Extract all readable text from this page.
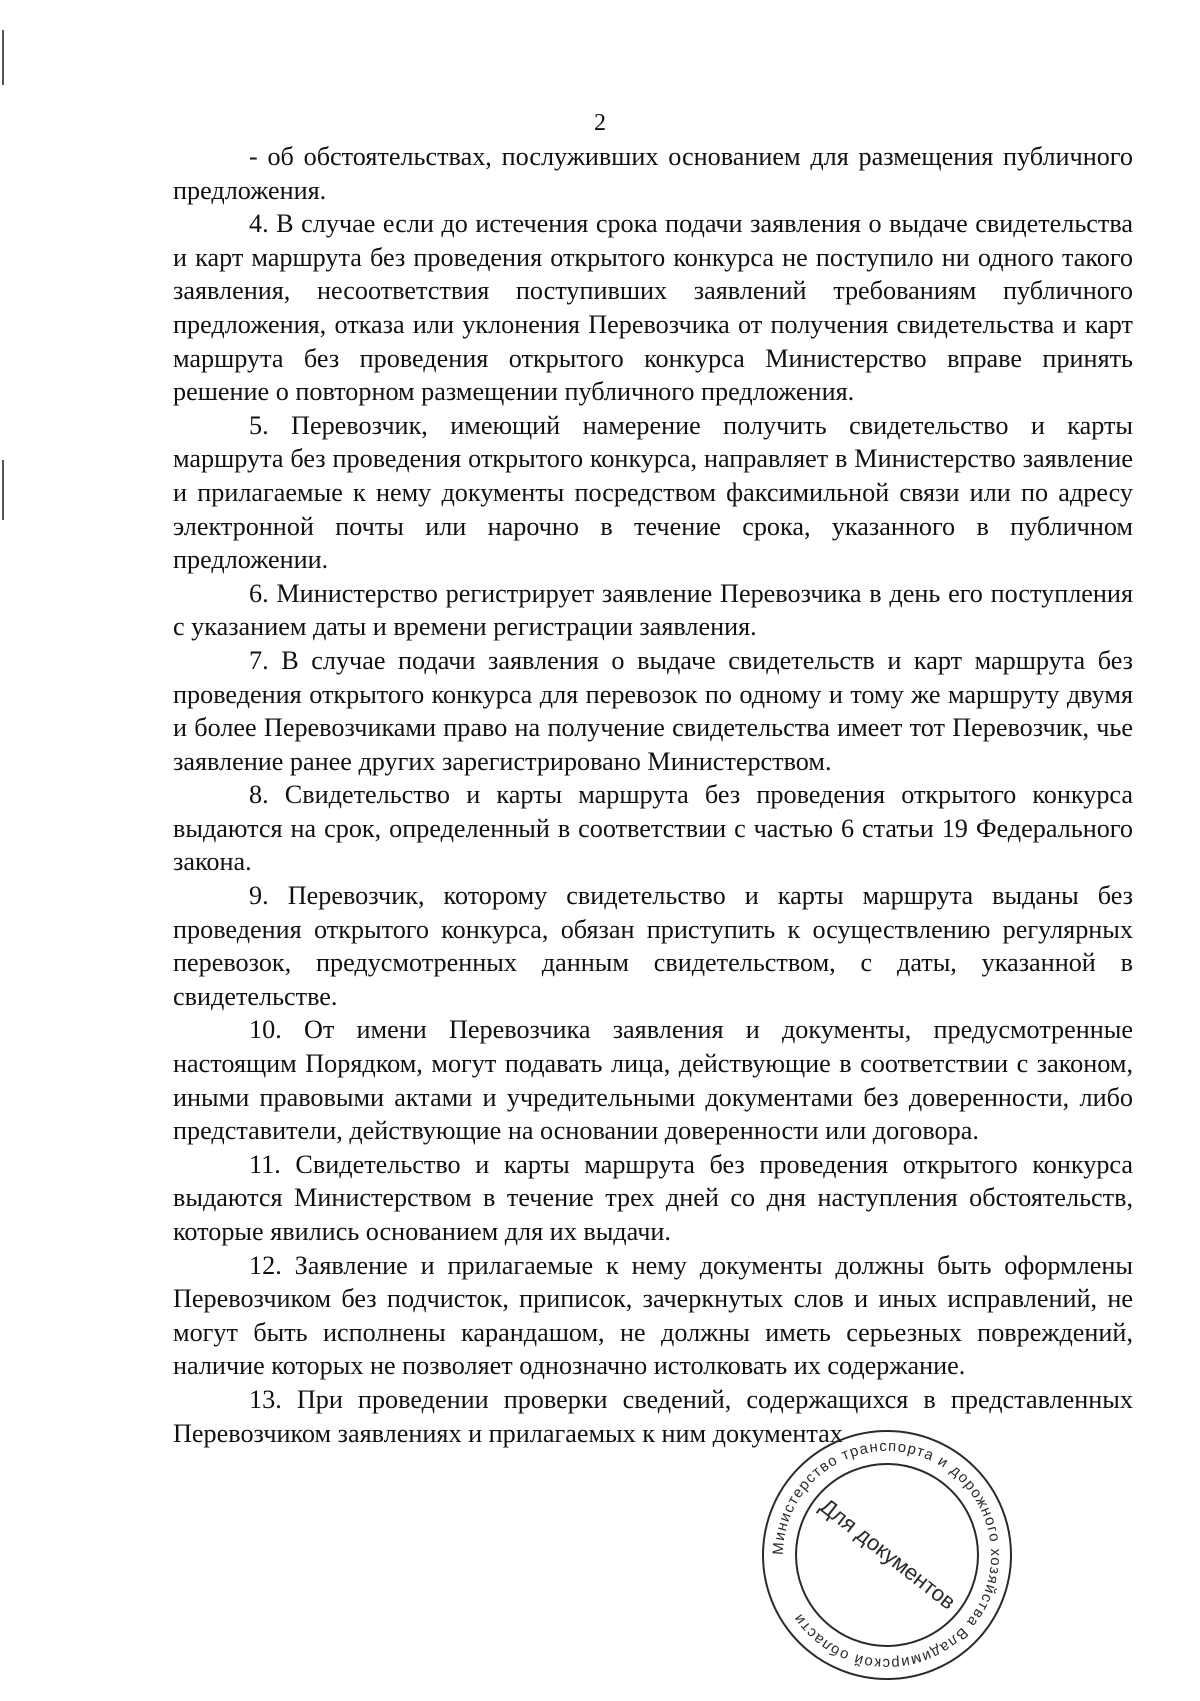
2

- об обстоятельствах, послуживших основанием для размещения публичного предложения.

4. В случае если до истечения срока подачи заявления о выдаче свидетельства и карт маршрута без проведения открытого конкурса не поступило ни одного такого заявления, несоответствия поступивших заявлений требованиям публичного предложения, отказа или уклонения Перевозчика от получения свидетельства и карт маршрута без проведения открытого конкурса Министерство вправе принять решение о повторном размещении публичного предложения.

5. Перевозчик, имеющий намерение получить свидетельство и карты маршрута без проведения открытого конкурса, направляет в Министерство заявление и прилагаемые к нему документы посредством факсимильной связи или по адресу электронной почты или нарочно в течение срока, указанного в публичном предложении.

6. Министерство регистрирует заявление Перевозчика в день его поступления с указанием даты и времени регистрации заявления.

7. В случае подачи заявления о выдаче свидетельств и карт маршрута без проведения открытого конкурса для перевозок по одному и тому же маршруту двумя и более Перевозчиками право на получение свидетельства имеет тот Перевозчик, чье заявление ранее других зарегистрировано Министерством.

8. Свидетельство и карты маршрута без проведения открытого конкурса выдаются на срок, определенный в соответствии с частью 6 статьи 19 Федерального закона.

9. Перевозчик, которому свидетельство и карты маршрута выданы без проведения открытого конкурса, обязан приступить к осуществлению регулярных перевозок, предусмотренных данным свидетельством, с даты, указанной в свидетельстве.

10. От имени Перевозчика заявления и документы, предусмотренные настоящим Порядком, могут подавать лица, действующие в соответствии с законом, иными правовыми актами и учредительными документами без доверенности, либо представители, действующие на основании доверенности или договора.

11. Свидетельство и карты маршрута без проведения открытого конкурса выдаются Министерством в течение трех дней со дня наступления обстоятельств, которые явились основанием для их выдачи.

12. Заявление и прилагаемые к нему документы должны быть оформлены Перевозчиком без подчисток, приписок, зачеркнутых слов и иных исправлений, не могут быть исполнены карандашом, не должны иметь серьезных повреждений, наличие которых не позволяет однозначно истолковать их содержание.

13. При проведении проверки сведений, содержащихся в представленных Перевозчиком заявлениях и прилагаемых к ним документах

Министерство транспорта и дорожного хозяйства Владимирской области
Для документов
